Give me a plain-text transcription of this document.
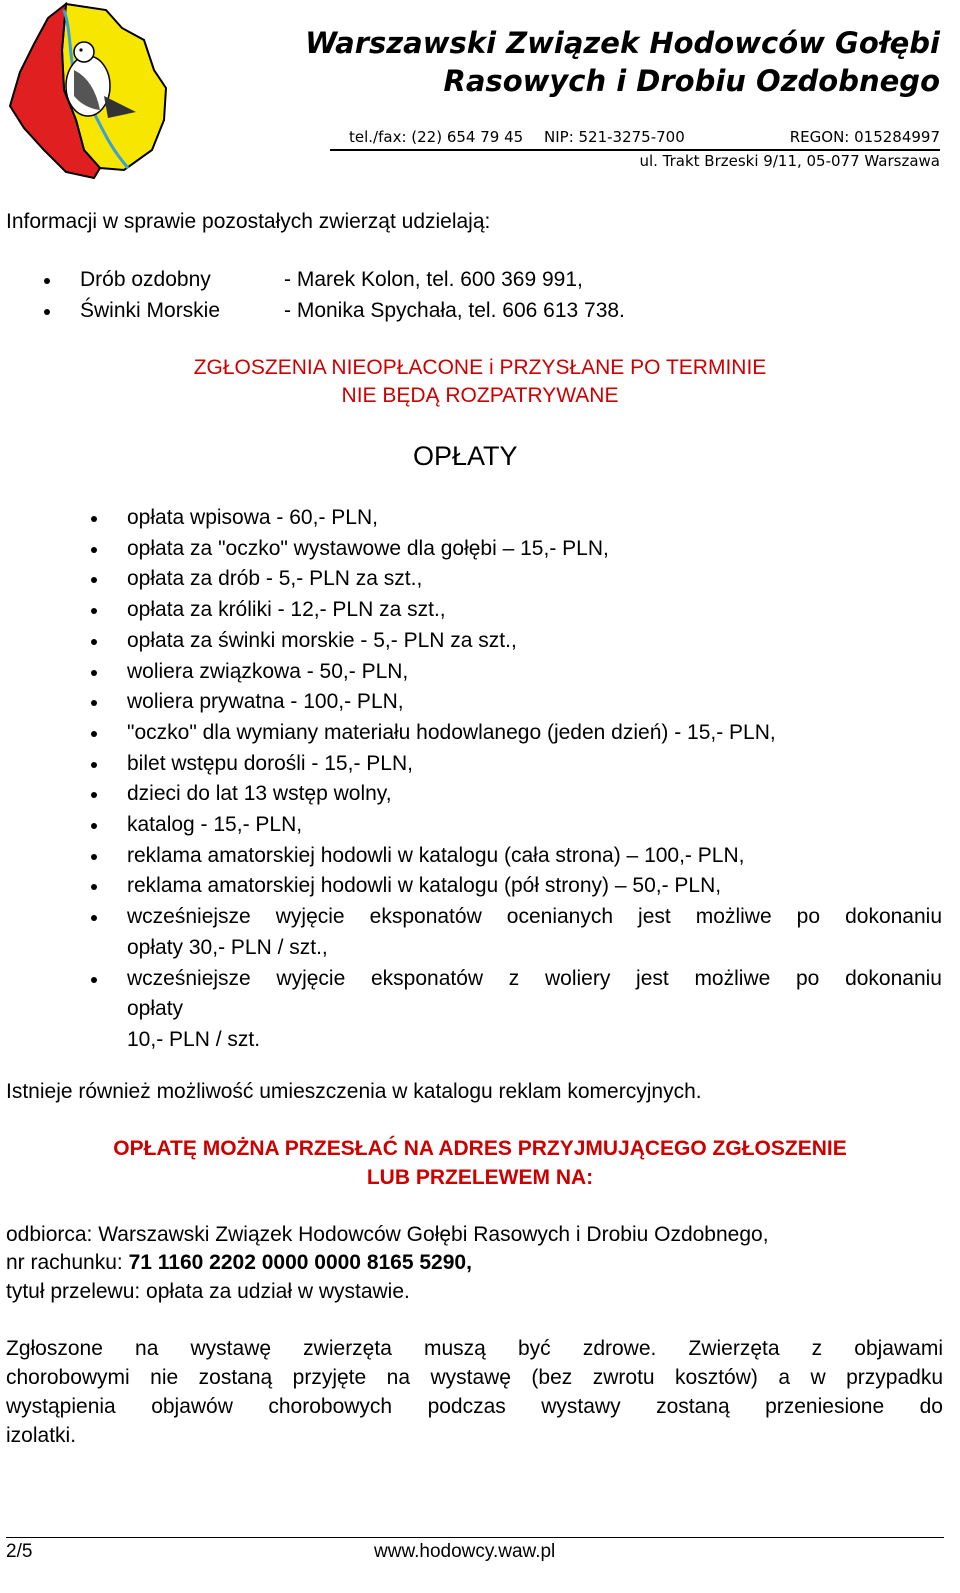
Warszawski Związek Hodowców Gołębi
Rasowych i Drobiu Ozdobnego
tel./fax: (22) 654 79 45 NIP: 521-3275-700	REGON: 015284997
ul. Trakt Brzeski 9/11, 05-077 Warszawa
Informacji w sprawie pozostałych zwierząt udzielają:
Drób ozdobny	- Marek Kolon, tel. 600 369 991,
Świnki Morskie	- Monika Spychała, tel. 606 613 738.
ZGŁOSZENIA NIEOPŁACONE i PRZYSŁANE PO TERMINIE
NIE BĘDĄ ROZPATRYWANE
OPŁATY
opłata wpisowa - 60,- PLN,
opłata za "oczko" wystawowe dla gołębi – 15,- PLN,
opłata za drób - 5,- PLN za szt.,
opłata za króliki - 12,- PLN za szt.,
opłata za świnki morskie - 5,- PLN za szt.,
woliera związkowa - 50,- PLN,
woliera prywatna - 100,- PLN,
"oczko" dla wymiany materiału hodowlanego (jeden dzień) - 15,- PLN,
bilet wstępu dorośli - 15,- PLN,
dzieci do lat 13 wstęp wolny,
katalog - 15,- PLN,
reklama amatorskiej hodowli w katalogu (cała strona) – 100,- PLN,
reklama amatorskiej hodowli w katalogu (pół strony) – 50,- PLN,
wcześniejsze wyjęcie eksponatów ocenianych jest możliwe po dokonaniu
opłaty 30,- PLN / szt.,
wcześniejsze wyjęcie eksponatów z woliery jest możliwe po dokonaniu
opłaty
10,- PLN / szt.
Istnieje również możliwość umieszczenia w katalogu reklam komercyjnych.
OPŁATĘ MOŻNA PRZESŁAĆ NA ADRES PRZYJMUJĄCEGO ZGŁOSZENIE
LUB PRZELEWEM NA:
odbiorca: Warszawski Związek Hodowców Gołębi Rasowych i Drobiu Ozdobnego,
nr rachunku: 71 1160 2202 0000 0000 8165 5290,
tytuł przelewu: opłata za udział w wystawie.
Zgłoszone na wystawę zwierzęta muszą być zdrowe. Zwierzęta z objawami
chorobowymi nie zostaną przyjęte na wystawę (bez zwrotu kosztów) a w przypadku
wystąpienia objawów chorobowych podczas wystawy zostaną przeniesione do
izolatki.
2/5	www.hodowcy.waw.pl
